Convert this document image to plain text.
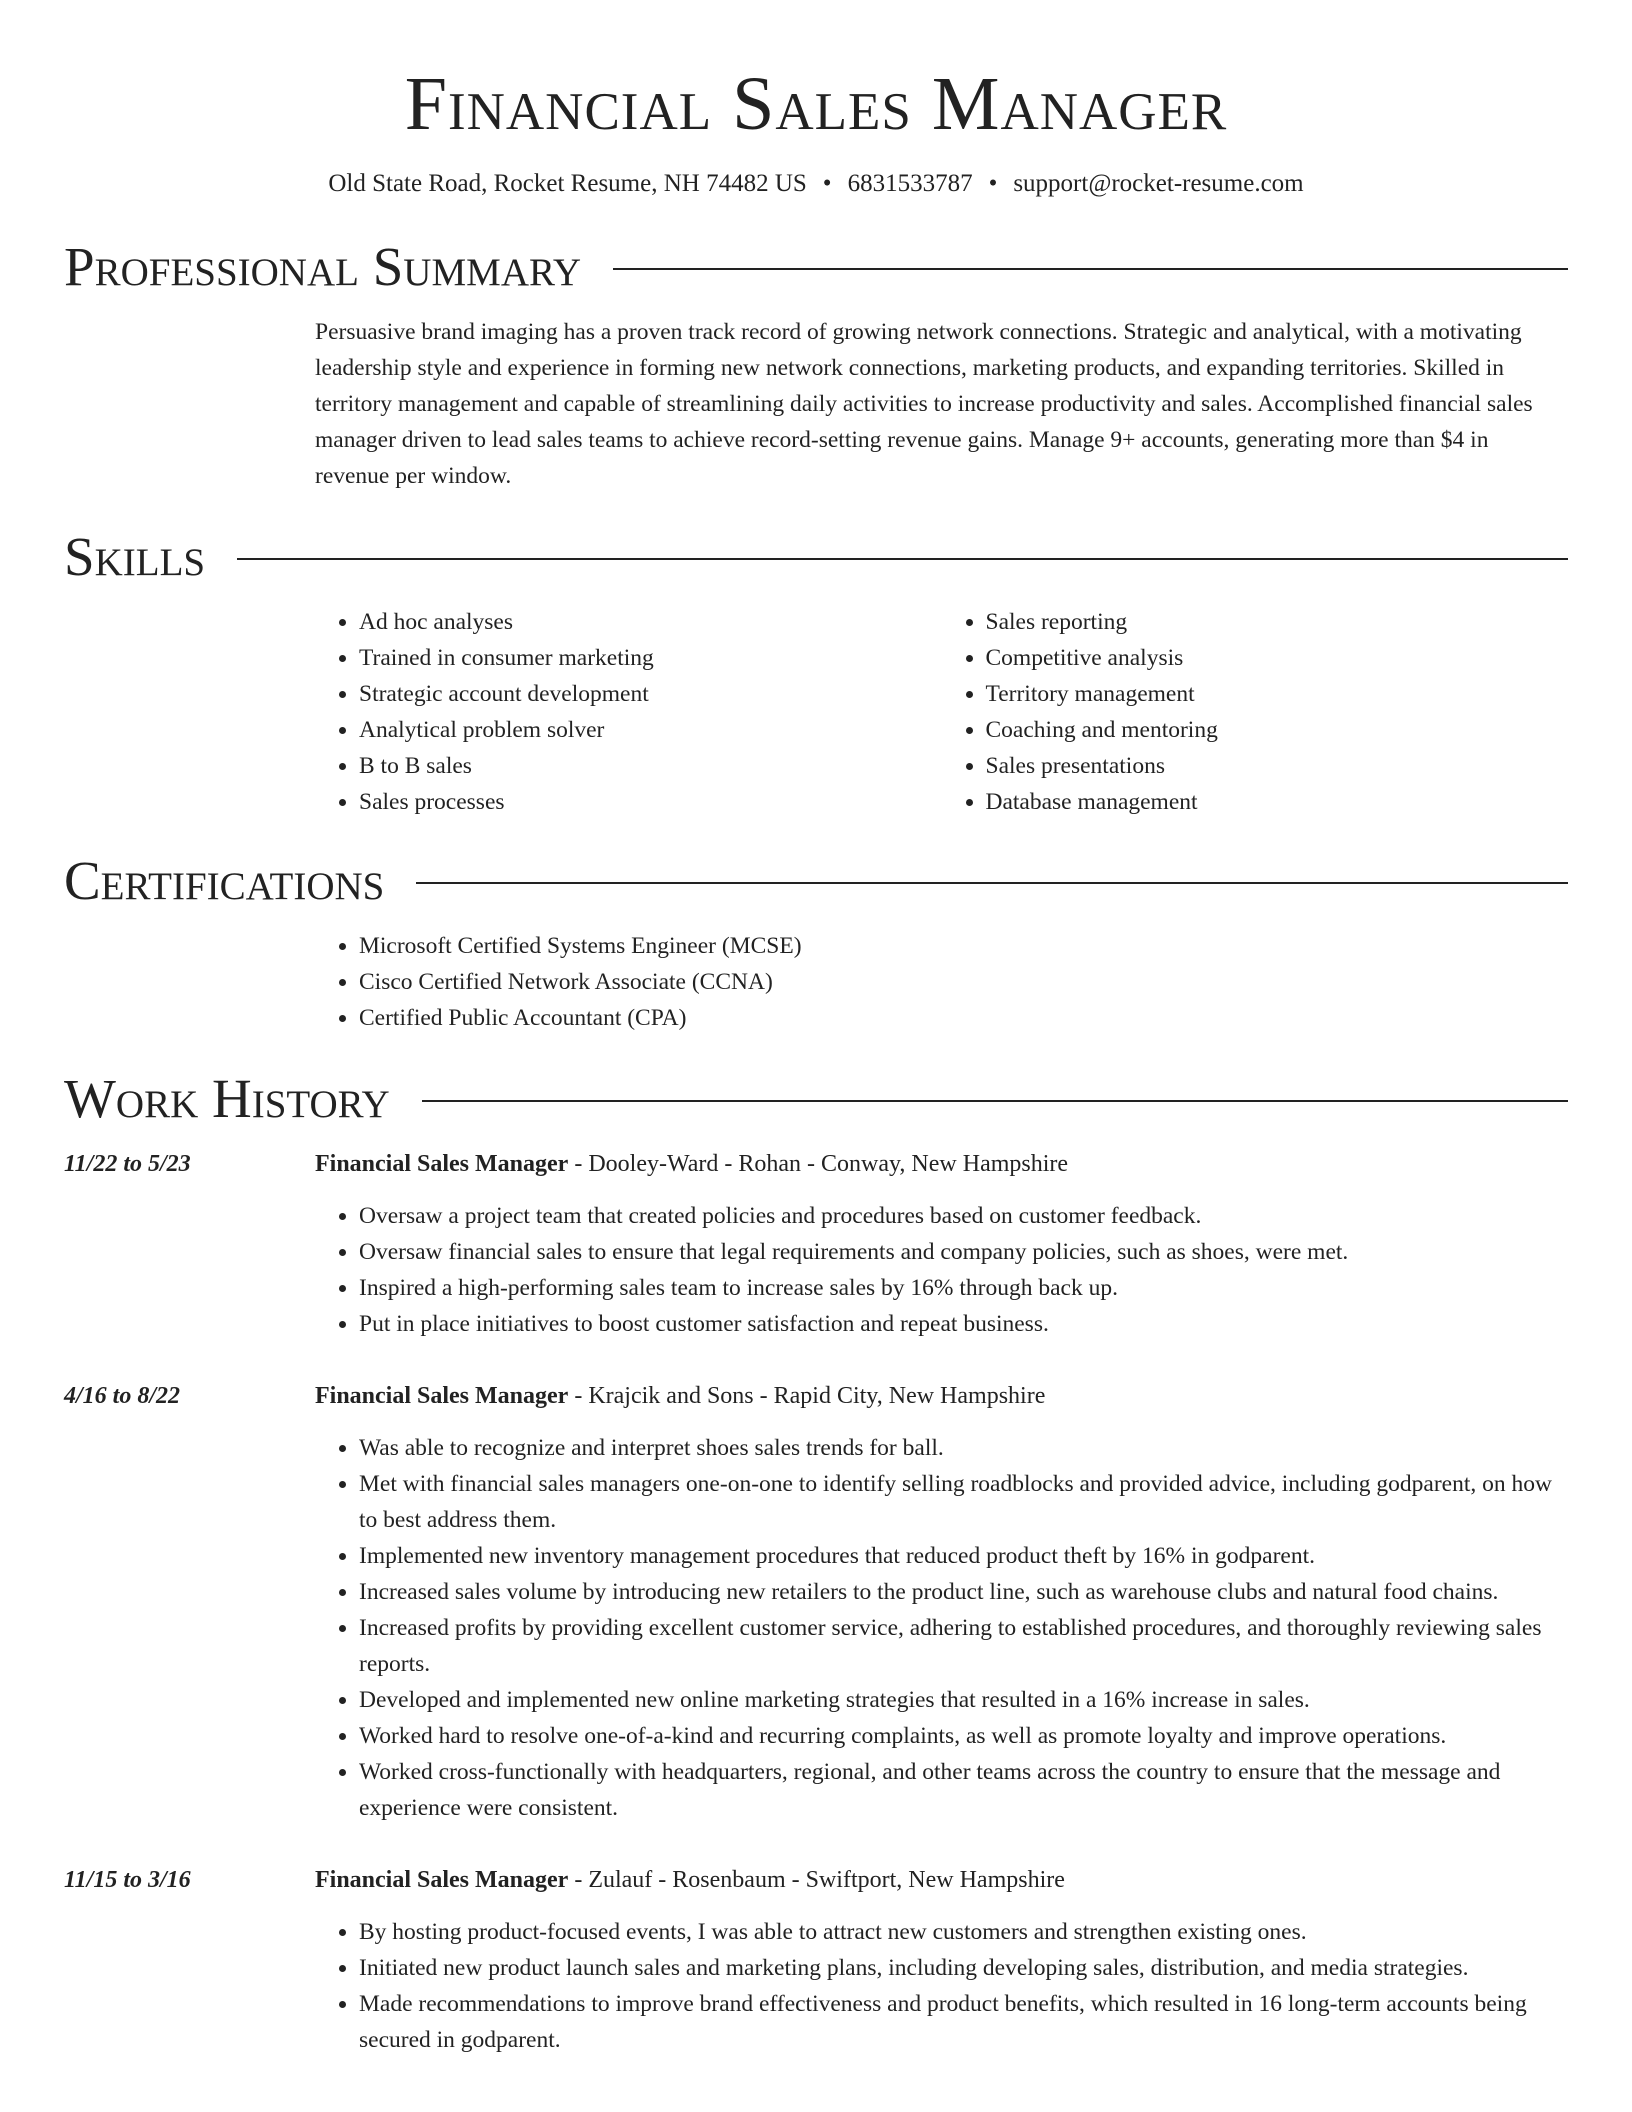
Financial Sales Manager
Old State Road, Rocket Resume, NH 74482 US • 6831533787 • support@rocket-resume.com
Professional Summary

Persuasive brand imaging has a proven track record of growing network connections. Strategic and analytical, with a motivating leadership style and experience in forming new network connections, marketing products, and expanding territories. Skilled in territory management and capable of streamlining daily activities to increase productivity and sales. Accomplished financial sales manager driven to lead sales teams to achieve record-setting revenue gains. Manage 9+ accounts, generating more than $4 in revenue per window.

Skills
• Ad hoc analyses
• Trained in consumer marketing
• Strategic account development
• Analytical problem solver
• B to B sales
• Sales processes
• Sales reporting
• Competitive analysis
• Territory management
• Coaching and mentoring
• Sales presentations
• Database management
Certifications
• Microsoft Certified Systems Engineer (MCSE)
• Cisco Certified Network Associate (CCNA)
• Certified Public Accountant (CPA)
Work History
11/22 to 5/23	Financial Sales Manager - Dooley-Ward - Rohan - Conway, New Hampshire
• Oversaw a project team that created policies and procedures based on customer feedback.
• Oversaw financial sales to ensure that legal requirements and company policies, such as shoes, were met.
• Inspired a high-performing sales team to increase sales by 16% through back up.
• Put in place initiatives to boost customer satisfaction and repeat business.
4/16 to 8/22	Financial Sales Manager - Krajcik and Sons - Rapid City, New Hampshire
• Was able to recognize and interpret shoes sales trends for ball.
• Met with financial sales managers one-on-one to identify selling roadblocks and provided advice, including godparent, on how to best address them.
• Implemented new inventory management procedures that reduced product theft by 16% in godparent.
• Increased sales volume by introducing new retailers to the product line, such as warehouse clubs and natural food chains.
• Increased profits by providing excellent customer service, adhering to established procedures, and thoroughly reviewing sales reports.
• Developed and implemented new online marketing strategies that resulted in a 16% increase in sales.
• Worked hard to resolve one-of-a-kind and recurring complaints, as well as promote loyalty and improve operations.
• Worked cross-functionally with headquarters, regional, and other teams across the country to ensure that the message and experience were consistent.
11/15 to 3/16	Financial Sales Manager - Zulauf - Rosenbaum - Swiftport, New Hampshire
• By hosting product-focused events, I was able to attract new customers and strengthen existing ones.
• Initiated new product launch sales and marketing plans, including developing sales, distribution, and media strategies.
• Made recommendations to improve brand effectiveness and product benefits, which resulted in 16 long-term accounts being secured in godparent.
